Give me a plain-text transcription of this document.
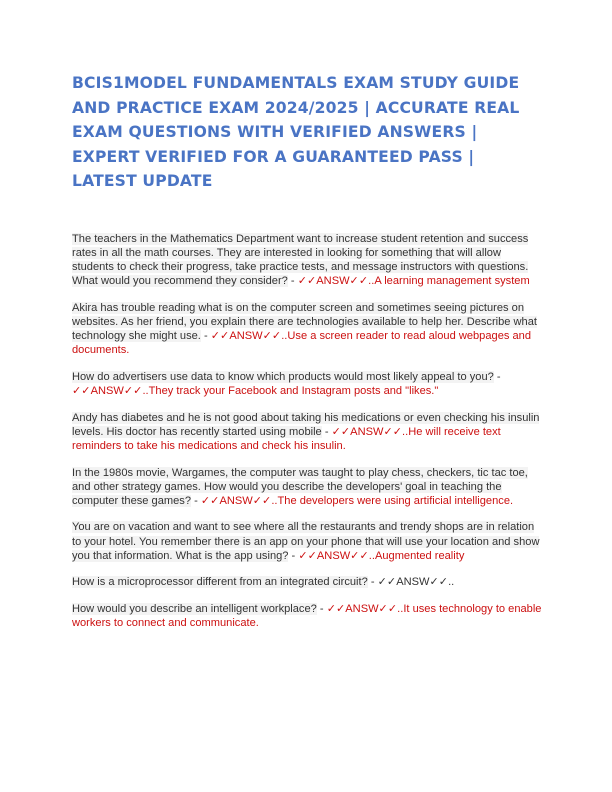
BCIS1MODEL FUNDAMENTALS EXAM STUDY GUIDE AND PRACTICE EXAM 2024/2025 | ACCURATE REAL EXAM QUESTIONS WITH VERIFIED ANSWERS | EXPERT VERIFIED FOR A GUARANTEED PASS | LATEST UPDATE
The teachers in the Mathematics Department want to increase student retention and success rates in all the math courses. They are interested in looking for something that will allow students to check their progress, take practice tests, and message instructors with questions. What would you recommend they consider? - ✓✓ANSW✓✓..A learning management system
Akira has trouble reading what is on the computer screen and sometimes seeing pictures on websites. As her friend, you explain there are technologies available to help her. Describe what technology she might use. - ✓✓ANSW✓✓..Use a screen reader to read aloud webpages and documents.
How do advertisers use data to know which products would most likely appeal to you? - ✓✓ANSW✓✓..They track your Facebook and Instagram posts and "likes."
Andy has diabetes and he is not good about taking his medications or even checking his insulin levels. His doctor has recently started using mobile - ✓✓ANSW✓✓..He will receive text reminders to take his medications and check his insulin.
In the 1980s movie, Wargames, the computer was taught to play chess, checkers, tic tac toe, and other strategy games. How would you describe the developers' goal in teaching the computer these games? - ✓✓ANSW✓✓..The developers were using artificial intelligence.
You are on vacation and want to see where all the restaurants and trendy shops are in relation to your hotel. You remember there is an app on your phone that will use your location and show you that information. What is the app using? - ✓✓ANSW✓✓..Augmented reality
How is a microprocessor different from an integrated circuit? - ✓✓ANSW✓✓..
How would you describe an intelligent workplace? - ✓✓ANSW✓✓..It uses technology to enable workers to connect and communicate.
